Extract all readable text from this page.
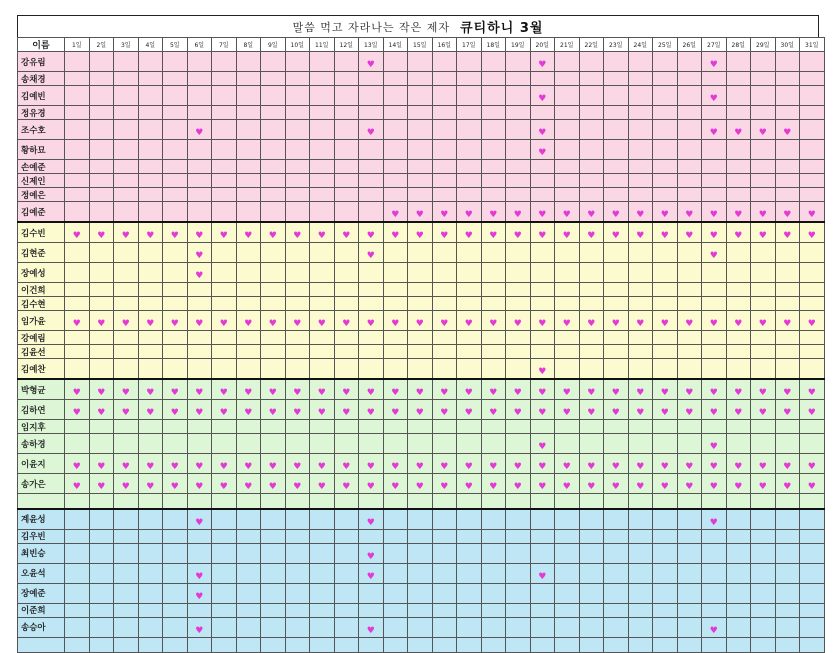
말씀 먹고 자라나는 작은 제자 큐티하니 3월
이름	1일	2일	3일	4일	5일	6일	7일	8일	9일	10일	11일	12일	13일	14일	15일	16일	17일	18일	19일	20일	21일	22일	23일	24일	25일	26일	27일	28일	29일	30일	31일
강유림													♥							♥							♥				
송채경																															
김예빈																				♥							♥				
정유경																															
조수호						♥							♥							♥							♥	♥	♥	♥	
황하묘																				♥											
손예준																															
신제인																															
정예은																															
김예준														♥	♥	♥	♥	♥	♥	♥	♥	♥	♥	♥	♥	♥	♥	♥	♥	♥	♥
김수빈	♥	♥	♥	♥	♥	♥	♥	♥	♥	♥	♥	♥	♥	♥	♥	♥	♥	♥	♥	♥	♥	♥	♥	♥	♥	♥	♥	♥	♥	♥	♥
김현준						♥							♥														♥				
장예성						♥																									
이건희																															
김수현																															
임가윤	♥	♥	♥	♥	♥	♥	♥	♥	♥	♥	♥	♥	♥	♥	♥	♥	♥	♥	♥	♥	♥	♥	♥	♥	♥	♥	♥	♥	♥	♥	♥
강예림																															
김윤선																															
김예찬																				♥											
박형균	♥	♥	♥	♥	♥	♥	♥	♥	♥	♥	♥	♥	♥	♥	♥	♥	♥	♥	♥	♥	♥	♥	♥	♥	♥	♥	♥	♥	♥	♥	♥
김하연	♥	♥	♥	♥	♥	♥	♥	♥	♥	♥	♥	♥	♥	♥	♥	♥	♥	♥	♥	♥	♥	♥	♥	♥	♥	♥	♥	♥	♥	♥	♥
임지후																															
송하경																				♥							♥				
이윤지	♥	♥	♥	♥	♥	♥	♥	♥	♥	♥	♥	♥	♥	♥	♥	♥	♥	♥	♥	♥	♥	♥	♥	♥	♥	♥	♥	♥	♥	♥	♥
송가은	♥	♥	♥	♥	♥	♥	♥	♥	♥	♥	♥	♥	♥	♥	♥	♥	♥	♥	♥	♥	♥	♥	♥	♥	♥	♥	♥	♥	♥	♥	♥

계윤성						♥							♥														♥				
김우빈																															
최빈승													♥																		
오윤석						♥							♥							♥											
장예준						♥																									
이준희																															
송승아						♥							♥														♥				
